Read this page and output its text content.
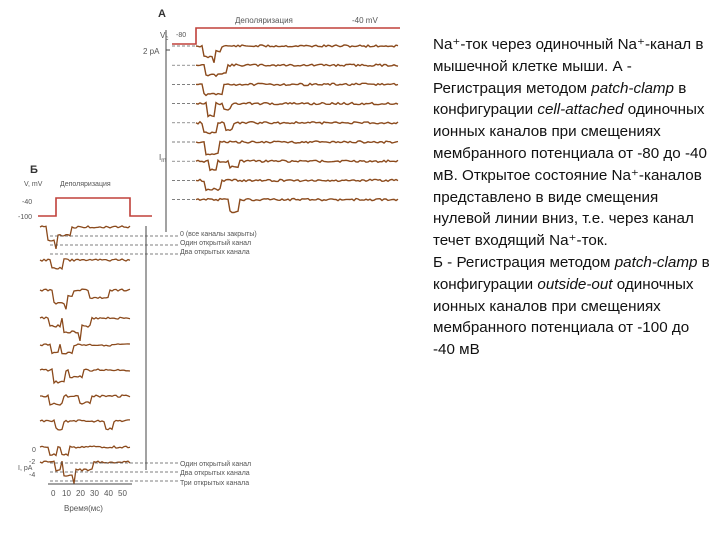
А
Деполяризация	-40 mV
-80
$V_c$
2 pA
$I_m$
Б
V, mV	Деполяризация
-40
-100
0 (все каналы закрыты)
Один открытый канал
Два открытых канала
Один открытый канал
Два открытых канала
Три открытых канала
I, pA
0
-2
-4
0 10 20 30 40 50
Время(мс)

Na⁺-ток через одиночный Na⁺-канал в мышечной клетке мыши. А - Регистрация методом patch-clamp в конфигурации cell-attached одиночных ионных каналов при смещениях мембранного потенциала от -80 до -40 мВ. Открытое состояние Na⁺-каналов представлено в виде смещения нулевой линии вниз, т.е. через канал течет входящий Na⁺-ток.

Б - Регистрация методом patch-clamp в конфигурации outside-out одиночных ионных каналов при смещениях мембранного потенциала от -100 до -40 мВ
